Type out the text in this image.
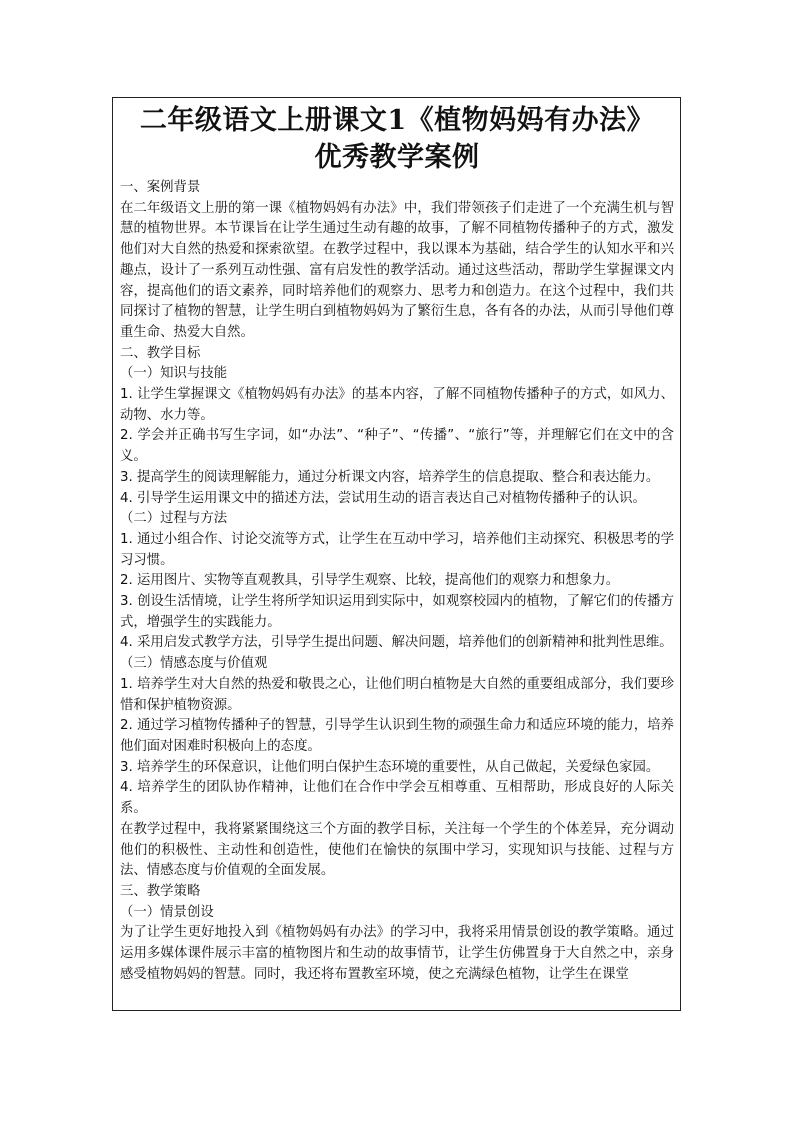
二年级语文上册课文1《植物妈妈有办法》
优秀教学案例

一、案例背景

在二年级语文上册的第一课《植物妈妈有办法》中，我们带领孩子们走进了一个充满生机与智慧的植物世界。本节课旨在让学生通过生动有趣的故事，了解不同植物传播种子的方式，激发他们对大自然的热爱和探索欲望。在教学过程中，我以课本为基础，结合学生的认知水平和兴趣点，设计了一系列互动性强、富有启发性的教学活动。通过这些活动，帮助学生掌握课文内容，提高他们的语文素养，同时培养他们的观察力、思考力和创造力。在这个过程中，我们共同探讨了植物的智慧，让学生明白到植物妈妈为了繁衍生息，各有各的办法，从而引导他们尊重生命、热爱大自然。

二、教学目标

（一）知识与技能

1. 让学生掌握课文《植物妈妈有办法》的基本内容，了解不同植物传播种子的方式，如风力、动物、水力等。

2. 学会并正确书写生字词，如“办法”、“种子”、“传播”、“旅行”等，并理解它们在文中的含义。

3. 提高学生的阅读理解能力，通过分析课文内容，培养学生的信息提取、整合和表达能力。

4. 引导学生运用课文中的描述方法，尝试用生动的语言表达自己对植物传播种子的认识。

（二）过程与方法

1. 通过小组合作、讨论交流等方式，让学生在互动中学习，培养他们主动探究、积极思考的学习习惯。

2. 运用图片、实物等直观教具，引导学生观察、比较，提高他们的观察力和想象力。

3. 创设生活情境，让学生将所学知识运用到实际中，如观察校园内的植物，了解它们的传播方式，增强学生的实践能力。

4. 采用启发式教学方法，引导学生提出问题、解决问题，培养他们的创新精神和批判性思维。

（三）情感态度与价值观

1. 培养学生对大自然的热爱和敬畏之心，让他们明白植物是大自然的重要组成部分，我们要珍惜和保护植物资源。

2. 通过学习植物传播种子的智慧，引导学生认识到生物的顽强生命力和适应环境的能力，培养他们面对困难时积极向上的态度。

3. 培养学生的环保意识，让他们明白保护生态环境的重要性，从自己做起，关爱绿色家园。

4. 培养学生的团队协作精神，让他们在合作中学会互相尊重、互相帮助，形成良好的人际关系。

在教学过程中，我将紧紧围绕这三个方面的教学目标，关注每一个学生的个体差异，充分调动他们的积极性、主动性和创造性，使他们在愉快的氛围中学习，实现知识与技能、过程与方法、情感态度与价值观的全面发展。

三、教学策略

（一）情景创设

为了让学生更好地投入到《植物妈妈有办法》的学习中，我将采用情景创设的教学策略。通过运用多媒体课件展示丰富的植物图片和生动的故事情节，让学生仿佛置身于大自然之中，亲身感受植物妈妈的智慧。同时，我还将布置教室环境，使之充满绿色植物，让学生在课堂
